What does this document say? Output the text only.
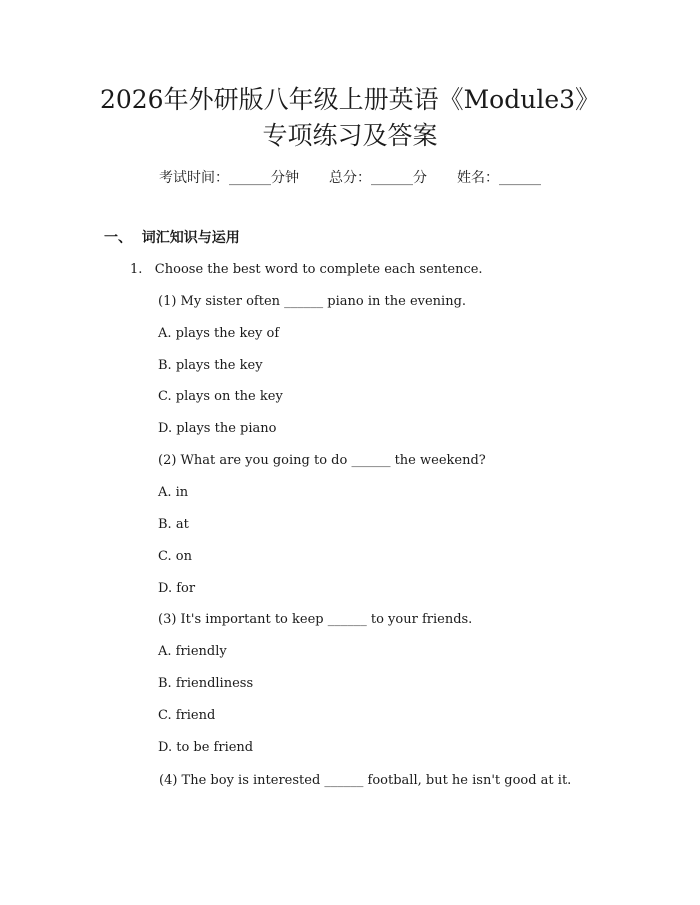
2026年外研版八年级上册英语《Module3》
专项练习及答案
考试时间：______分钟 总分：______分 姓名：______
一、  词汇知识与运用
1.   Choose the best word to complete each sentence.
(1) My sister often ______ piano in the evening.
A. plays the key of
B. plays the key
C. plays on the key
D. plays the piano
(2) What are you going to do ______ the weekend?
A. in
B. at
C. on
D. for
(3) It's important to keep ______ to your friends.
A. friendly
B. friendliness
C. friend
D. to be friend
(4) The boy is interested ______ football, but he isn't good at it.
